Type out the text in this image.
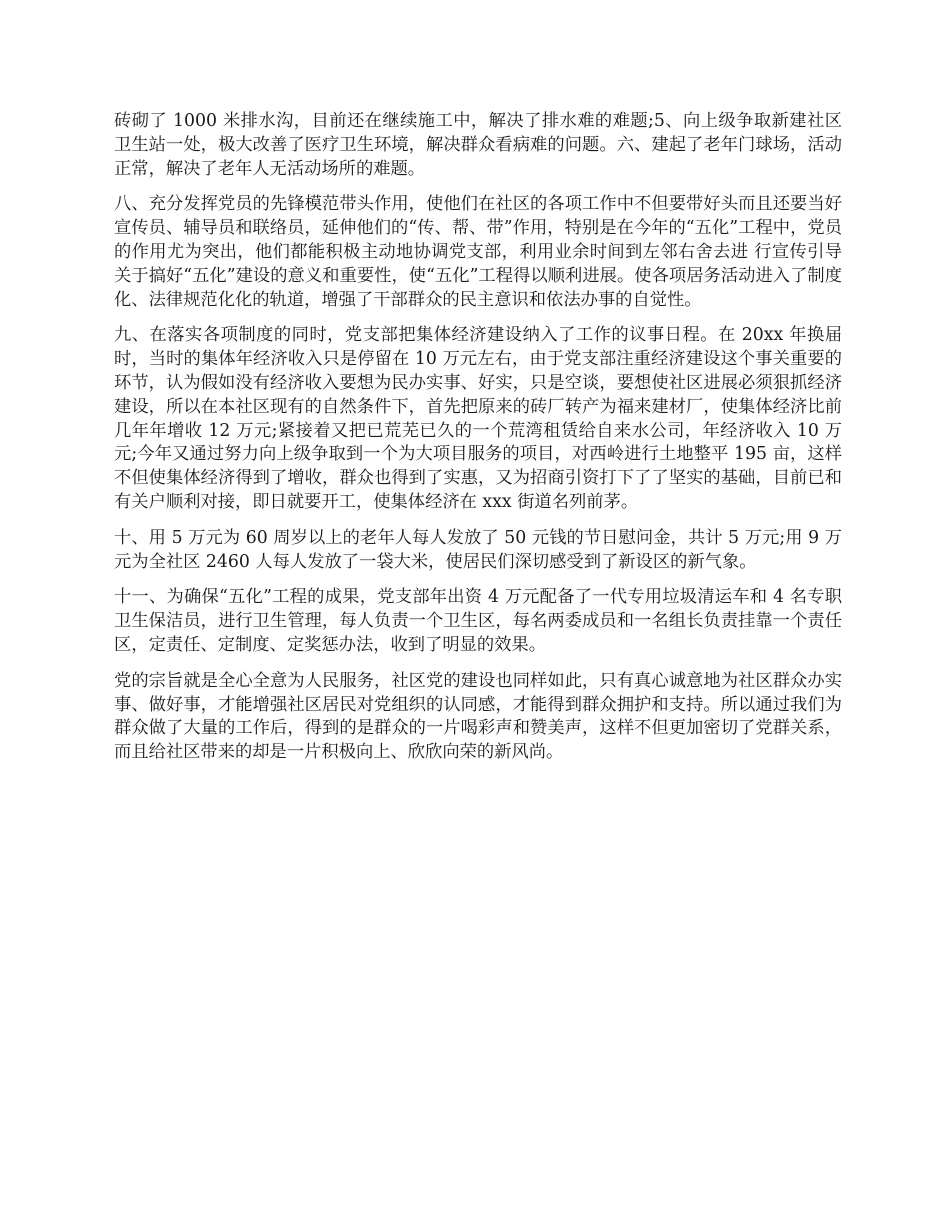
砖砌了 1000 米排水沟，目前还在继续施工中，解决了排水难的难题;5、向上级争取新建社区卫生站一处，极大改善了医疗卫生环境，解决群众看病难的问题。六、建起了老年门球场，活动正常，解决了老年人无活动场所的难题。

八、充分发挥党员的先锋模范带头作用，使他们在社区的各项工作中不但要带好头而且还要当好宣传员、辅导员和联络员，延伸他们的“传、帮、带”作用，特别是在今年的“五化”工程中，党员的作用尤为突出，他们都能积极主动地协调党支部，利用业余时间到左邻右舍去进 行宣传引导关于搞好“五化”建设的意义和重要性，使“五化”工程得以顺利进展。使各项居务活动进入了制度化、法律规范化化的轨道，增强了干部群众的民主意识和依法办事的自觉性。

九、在落实各项制度的同时，党支部把集体经济建设纳入了工作的议事日程。在 20xx 年换届时，当时的集体年经济收入只是停留在 10 万元左右，由于党支部注重经济建设这个事关重要的环节，认为假如没有经济收入要想为民办实事、好实，只是空谈，要想使社区进展必须狠抓经济建设，所以在本社区现有的自然条件下，首先把原来的砖厂转产为福来建材厂，使集体经济比前几年年增收 12 万元;紧接着又把已荒芜已久的一个荒湾租赁给自来水公司，年经济收入 10 万元;今年又通过努力向上级争取到一个为大项目服务的项目，对西岭进行土地整平 195 亩，这样不但使集体经济得到了增收，群众也得到了实惠，又为招商引资打下了了坚实的基础，目前已和有关户顺利对接，即日就要开工，使集体经济在 xxx 街道名列前茅。

十、用 5 万元为 60 周岁以上的老年人每人发放了 50 元钱的节日慰问金，共计 5 万元;用 9 万元为全社区 2460 人每人发放了一袋大米，使居民们深切感受到了新设区的新气象。

十一、为确保“五化”工程的成果，党支部年出资 4 万元配备了一代专用垃圾清运车和 4 名专职卫生保洁员，进行卫生管理，每人负责一个卫生区，每名两委成员和一名组长负责挂靠一个责任区，定责任、定制度、定奖惩办法，收到了明显的效果。

党的宗旨就是全心全意为人民服务，社区党的建设也同样如此，只有真心诚意地为社区群众办实事、做好事，才能增强社区居民对党组织的认同感，才能得到群众拥护和支持。所以通过我们为群众做了大量的工作后，得到的是群众的一片喝彩声和赞美声，这样不但更加密切了党群关系，而且给社区带来的却是一片积极向上、欣欣向荣的新风尚。
